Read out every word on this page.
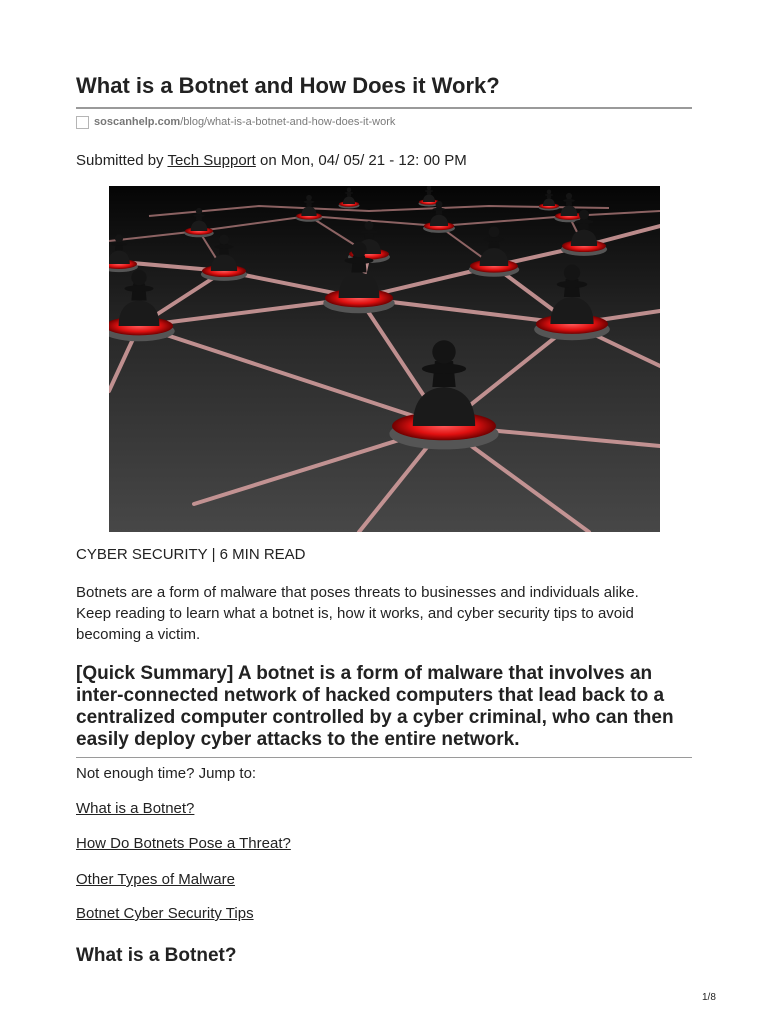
What is a Botnet and How Does it Work?
soscanhelp.com /blog/what-is-a-botnet-and-how-does-it-work
Submitted by Tech Support on Mon, 04/ 05/ 21 - 12: 00 PM
CYBER SECURITY | 6 MIN READ

Botnets are a form of malware that poses threats to businesses and individuals alike. Keep reading to learn what a botnet is, how it works, and cyber security tips to avoid becoming a victim.

[Quick Summary] A botnet is a form of malware that involves an inter-connected network of hacked computers that lead back to a centralized computer controlled by a cyber criminal, who can then easily deploy cyber attacks to the entire network.

Not enough time? Jump to:
What is a Botnet?
How Do Botnets Pose a Threat?
Other Types of Malware
Botnet Cyber Security Tips
What is a Botnet?
1/8
